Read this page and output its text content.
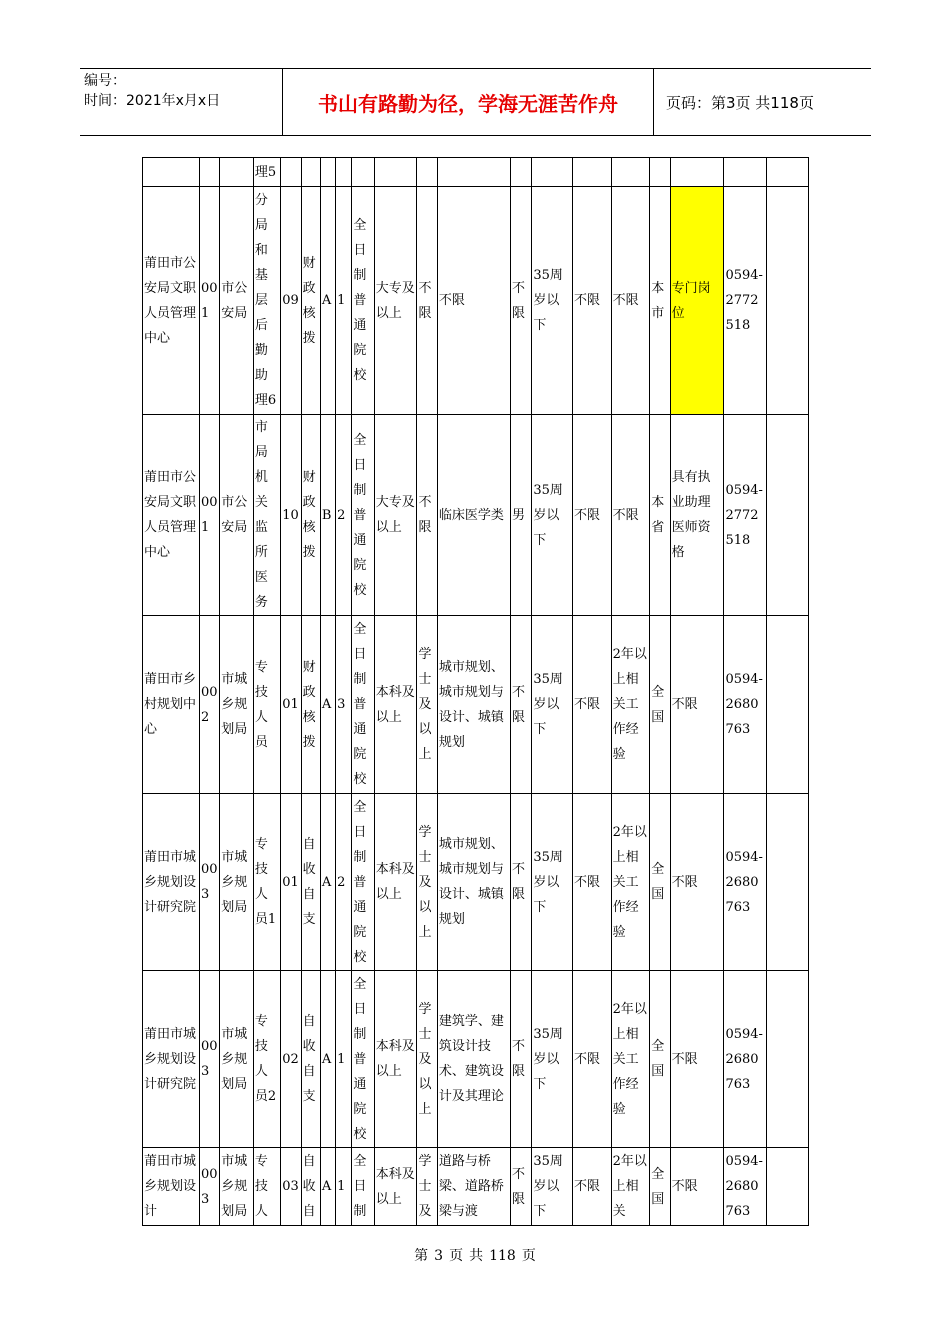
编号：
时间：2021年x月x日	书山有路勤为径，学海无涯苦作舟	页码：第3页 共118页
			理5																
莆田市公安局文职人员管理中心	001	市公安局	分局和基层后勤助理6	09	财政核拨	A	1	全日制普通院校	大专及以上	不限	不限	不限	35周岁以下	不限	不限	本市	专门岗位	0594-2772518	
莆田市公安局文职人员管理中心	001	市公安局	市局机关监所医务	10	财政核拨	B	2	全日制普通院校	大专及以上	不限	临床医学类	男	35周岁以下	不限	不限	本省	具有执业助理医师资格	0594-2772518	
莆田市乡村规划中心	002	市城乡规划局	专技人员	01	财政核拨	A	3	全日制普通院校	本科及以上	学士及以上	城市规划、城市规划与设计、城镇规划	不限	35周岁以下	不限	2年以上相关工作经验	全国	不限	0594-2680763	
莆田市城乡规划设计研究院	003	市城乡规划局	专技人员1	01	自收自支	A	2	全日制普通院校	本科及以上	学士及以上	城市规划、城市规划与设计、城镇规划	不限	35周岁以下	不限	2年以上相关工作经验	全国	不限	0594-2680763	
莆田市城乡规划设计研究院	003	市城乡规划局	专技人员2	02	自收自支	A	1	全日制普通院校	本科及以上	学士及以上	建筑学、建筑设计技术、建筑设计及其理论	不限	35周岁以下	不限	2年以上相关工作经验	全国	不限	0594-2680763	
莆田市城乡规划设计	003	市城乡规划局	专技人	03	自收自	A	1	全日制	本科及以上	学士及	道路与桥梁、道路桥梁与渡	不限	35周岁以下	不限	2年以上相关	全国	不限	0594-2680763	
第 3 页 共 118 页
